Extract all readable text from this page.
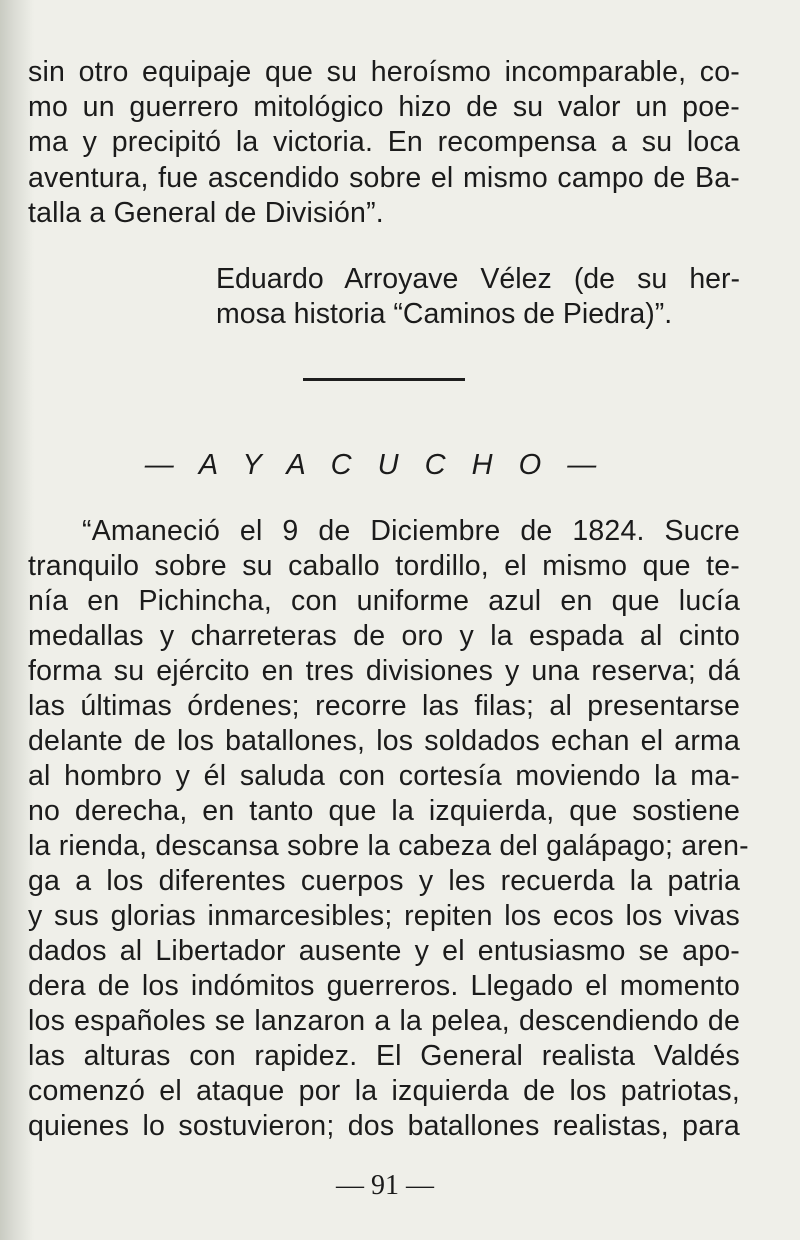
sin otro equipaje que su heroísmo incomparable, co-
mo un guerrero mitológico hizo de su valor un poe-
ma y precipitó la victoria. En recompensa a su loca
aventura, fue ascendido sobre el mismo campo de Ba-
talla a General de División”.
Eduardo Arroyave Vélez (de su her-
mosa historia “Caminos de Piedra)”.
— A Y A C U C H O —
“Amaneció el 9 de Diciembre de 1824. Sucre
tranquilo sobre su caballo tordillo, el mismo que te-
nía en Pichincha, con uniforme azul en que lucía
medallas y charreteras de oro y la espada al cinto
forma su ejército en tres divisiones y una reserva; dá
las últimas órdenes; recorre las filas; al presentarse
delante de los batallones, los soldados echan el arma
al hombro y él saluda con cortesía moviendo la ma-
no derecha, en tanto que la izquierda, que sostiene
la rienda, descansa sobre la cabeza del galápago; aren-
ga a los diferentes cuerpos y les recuerda la patria
y sus glorias inmarcesibles; repiten los ecos los vivas
dados al Libertador ausente y el entusiasmo se apo-
dera de los indómitos guerreros. Llegado el momento
los españoles se lanzaron a la pelea, descendiendo de
las alturas con rapidez. El General realista Valdés
comenzó el ataque por la izquierda de los patriotas,
quienes lo sostuvieron; dos batallones realistas, para
— 91 —
